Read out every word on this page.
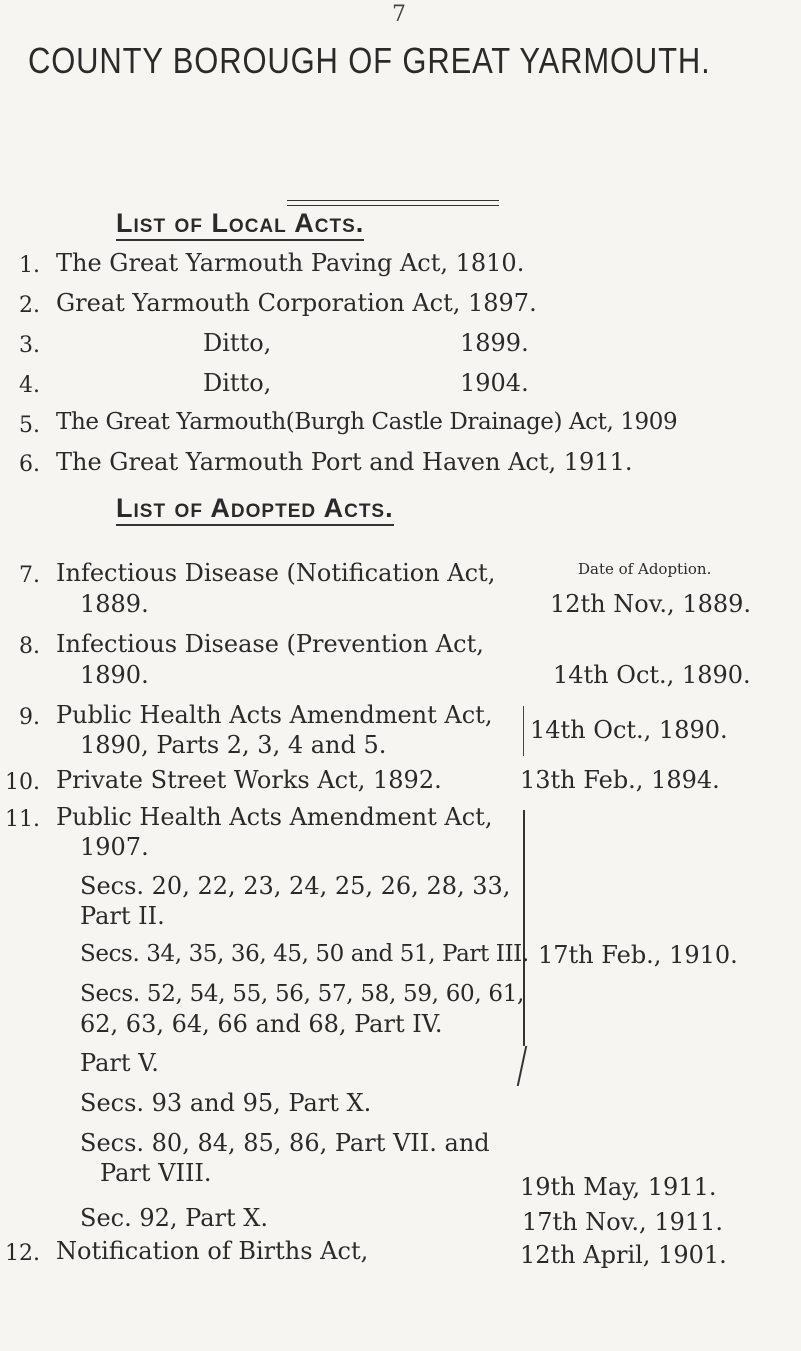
7
COUNTY BOROUGH OF GREAT YARMOUTH.
List of Local Acts.
1. The Great Yarmouth Paving Act, 1810.
2. Great Yarmouth Corporation Act, 1897.
3.	Ditto,	1899.
4.	Ditto,	1904.
5. The Great Yarmouth(Burgh Castle Drainage) Act, 1909
6. The Great Yarmouth Port and Haven Act, 1911.
List of Adopted Acts.
Date of Adoption.
7. Infectious Disease (Notification Act,
1889.	12th Nov., 1889.
8. Infectious Disease (Prevention Act,
1890.	14th Oct., 1890.
9. Public Health Acts Amendment Act,
1890, Parts 2, 3, 4 and 5.
14th Oct., 1890.
10. Private Street Works Act, 1892.	13th Feb., 1894.
11. Public Health Acts Amendment Act,
1907.
Secs. 20, 22, 23, 24, 25, 26, 28, 33,
Part II.
Secs. 34, 35, 36, 45, 50 and 51, Part III. 17th Feb., 1910.
Secs. 52, 54, 55, 56, 57, 58, 59, 60, 61,
62, 63, 64, 66 and 68, Part IV.
Part V.
Secs. 93 and 95, Part X.
Secs. 80, 84, 85, 86, Part VII. and
Part VIII.	19th May, 1911.
Sec. 92, Part X.	17th Nov., 1911.
12. Notification of Births Act,	12th April, 1901.
